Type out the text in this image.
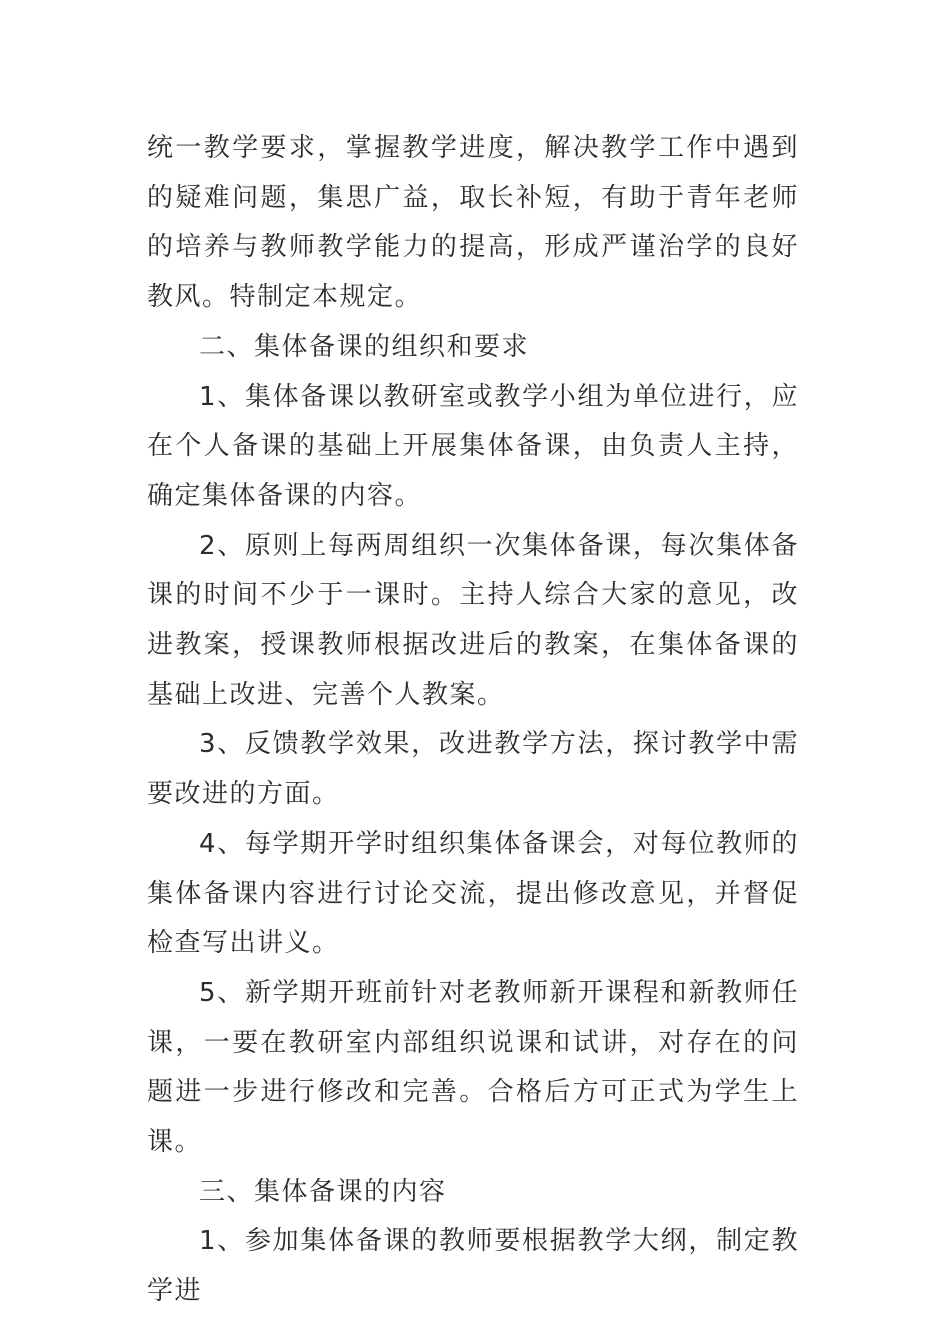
统一教学要求，掌握教学进度，解决教学工作中遇到的疑难问题，集思广益，取长补短，有助于青年老师的培养与教师教学能力的提高，形成严谨治学的良好教风。特制定本规定。

二、集体备课的组织和要求

1、集体备课以教研室或教学小组为单位进行，应在个人备课的基础上开展集体备课，由负责人主持，确定集体备课的内容。

2、原则上每两周组织一次集体备课，每次集体备课的时间不少于一课时。主持人综合大家的意见，改进教案，授课教师根据改进后的教案，在集体备课的基础上改进、完善个人教案。

3、反馈教学效果，改进教学方法，探讨教学中需要改进的方面。

4、每学期开学时组织集体备课会，对每位教师的集体备课内容进行讨论交流，提出修改意见，并督促检查写出讲义。

5、新学期开班前针对老教师新开课程和新教师任课，一要在教研室内部组织说课和试讲，对存在的问题进一步进行修改和完善。合格后方可正式为学生上课。

三、集体备课的内容

1、参加集体备课的教师要根据教学大纲，制定教学进
